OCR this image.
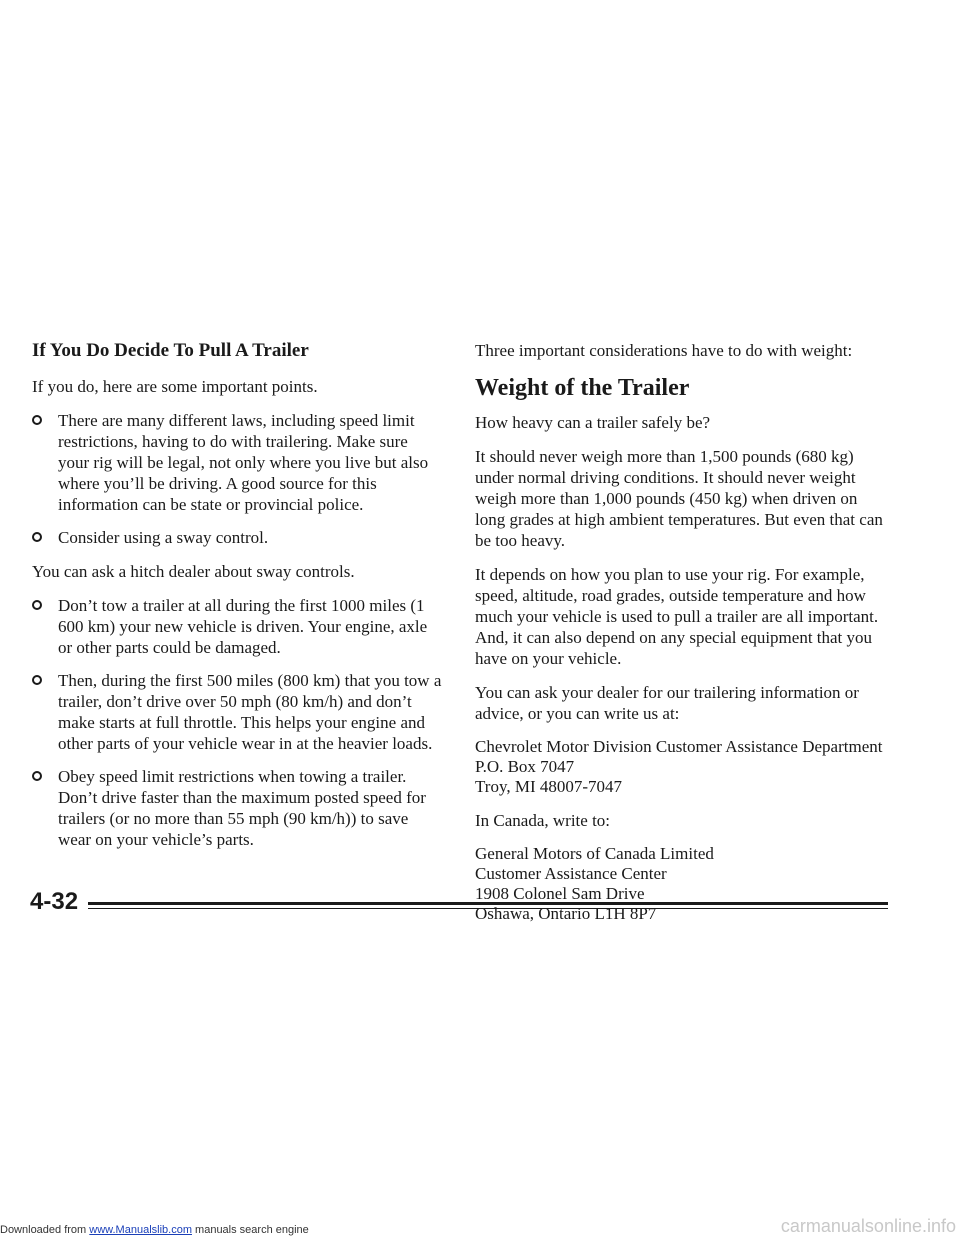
If You Do Decide To Pull A Trailer

If you do, here are some important points.

There are many different laws, including speed limit restrictions, having to do with trailering. Make sure your rig will be legal, not only where you live but also where you’ll be driving. A good source for this information can be state or provincial police.
Consider using a sway control.

You can ask a hitch dealer about sway controls.

Don’t tow a trailer at all during the first 1000 miles (1 600 km) your new vehicle is driven. Your engine, axle or other parts could be damaged.
Then, during the first 500 miles (800 km) that you tow a trailer, don’t drive over 50 mph (80 km/h) and don’t make starts at full throttle. This helps your engine and other parts of your vehicle wear in at the heavier loads.
Obey speed limit restrictions when towing a trailer. Don’t drive faster than the maximum posted speed for trailers (or no more than 55 mph (90 km/h)) to save wear on your vehicle’s parts.

Three important considerations have to do with weight:

Weight of the Trailer

How heavy can a trailer safely be?

It should never weigh more than 1,500 pounds (680 kg) under normal driving conditions. It should never weight weigh more than 1,000 pounds (450 kg) when driven on long grades at high ambient temperatures. But even that can be too heavy.

It depends on how you plan to use your rig. For example, speed, altitude, road grades, outside temperature and how much your vehicle is used to pull a trailer are all important. And, it can also depend on any special equipment that you have on your vehicle.

You can ask your dealer for our trailering information or advice, or you can write us at:

Chevrolet Motor Division Customer Assistance Department
P.O. Box 7047
Troy, MI 48007-7047

In Canada, write to:

General Motors of Canada Limited
Customer Assistance Center
1908 Colonel Sam Drive
Oshawa, Ontario L1H 8P7
4-32
Downloaded from www.Manualslib.com manuals search engine	carmanualsonline.info
